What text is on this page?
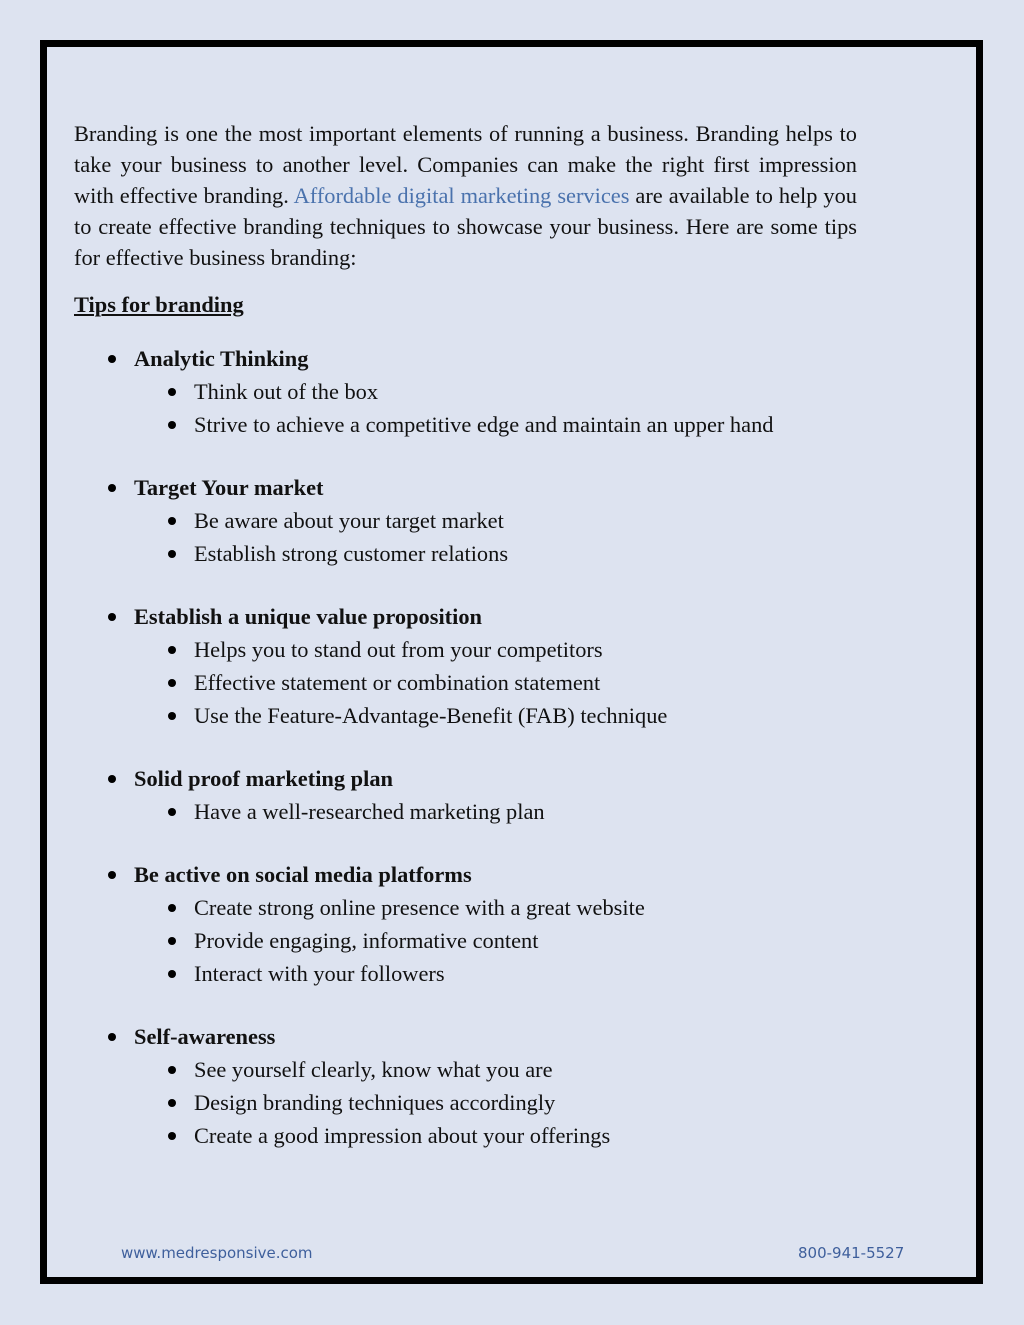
Branding is one the most important elements of running a business. Branding helps to take your business to another level. Companies can make the right first impression with effective branding. Affordable digital marketing services are available to help you to create effective branding techniques to showcase your business. Here are some tips for effective business branding:

Tips for branding
Analytic Thinking
Think out of the box
Strive to achieve a competitive edge and maintain an upper hand
Target Your market
Be aware about your target market
Establish strong customer relations
Establish a unique value proposition
Helps you to stand out from your competitors
Effective statement or combination statement
Use the Feature-Advantage-Benefit (FAB) technique
Solid proof marketing plan
Have a well-researched marketing plan
Be active on social media platforms
Create strong online presence with a great website
Provide engaging, informative content
Interact with your followers
Self-awareness
See yourself clearly, know what you are
Design branding techniques accordingly
Create a good impression about your offerings
www.medresponsive.com	800-941-5527
